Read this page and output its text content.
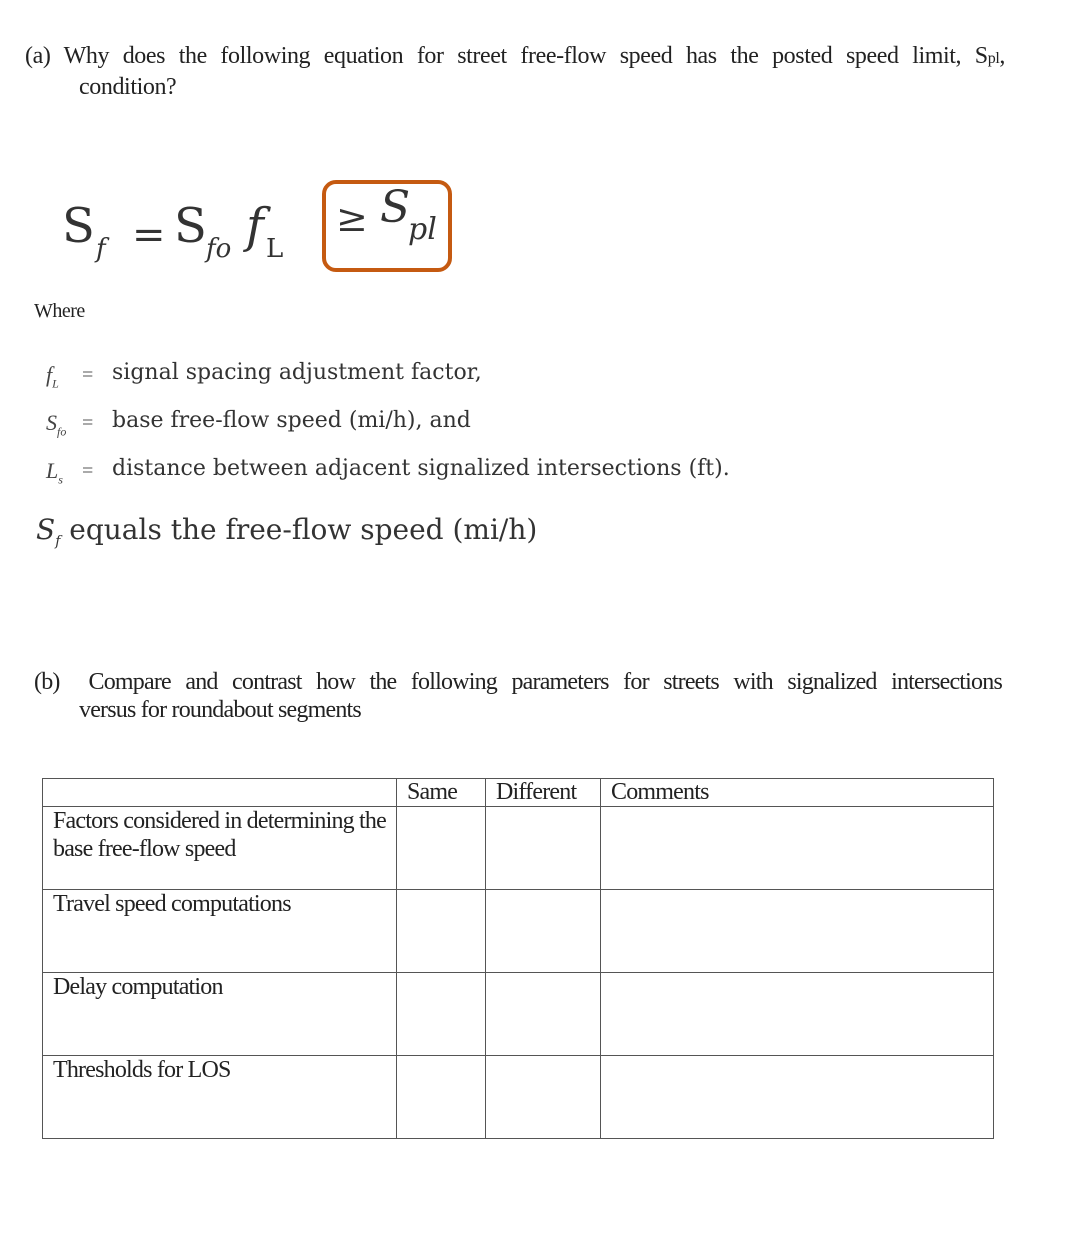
(a) Why does the following equation for street free-flow speed has the posted speed limit, Spl,
condition?
S f = S fo f L
≥ S
pl
Where
$f_L$ = signal spacing adjustment factor,
$S_{fo}$ = base free-flow speed (mi/h), and
$L_s$ = distance between adjacent signalized intersections (ft).
$S_f$ equals the free-flow speed (mi/h)
(b) Compare and contrast how the following parameters for streets with signalized intersections
versus for roundabout segments
	Same	Different	Comments
Factors considered in determining the base free-flow speed			
Travel speed computations			
Delay computation			
Thresholds for LOS			
